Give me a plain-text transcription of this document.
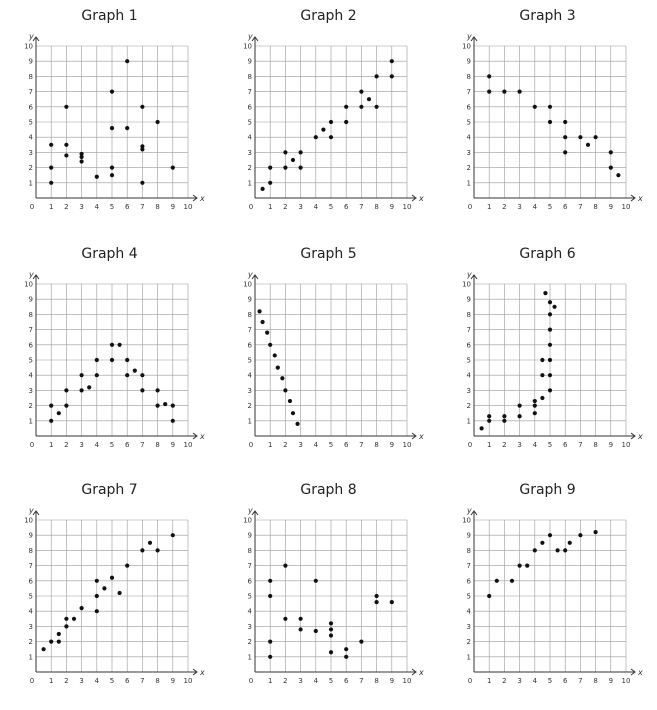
Graph 1
x
y
0 1 2 3 4 5 6 7 8 9 10
1
2
3
4
5
6
7
8
9
10
Graph 2
x
y
0 1 2 3 4 5 6 7 8 9 10
1
2
3
4
5
6
7
8
9
10
Graph 3
x
y
0 1 2 3 4 5 6 7 8 9 10
1
2
3
4
5
6
7
8
9
10
Graph 4
x
y
0 1 2 3 4 5 6 7 8 9 10
1
2
3
4
5
6
7
8
9
10
Graph 5
x
y
0 1 2 3 4 5 6 7 8 9 10
1
2
3
4
5
6
7
8
9
10
Graph 6
x
y
0 1 2 3 4 5 6 7 8 9 10
1
2
3
4
5
6
7
8
9
10
Graph 7
x
y
0 1 2 3 4 5 6 7 8 9 10
1
2
3
4
5
6
7
8
9
10
Graph 8
x
y
0 1 2 3 4 5 6 7 8 9 10
1
2
3
4
5
6
7
8
9
10
Graph 9
x
y
0 1 2 3 4 5 6 7 8 9 10
1
2
3
4
5
6
7
8
9
10
